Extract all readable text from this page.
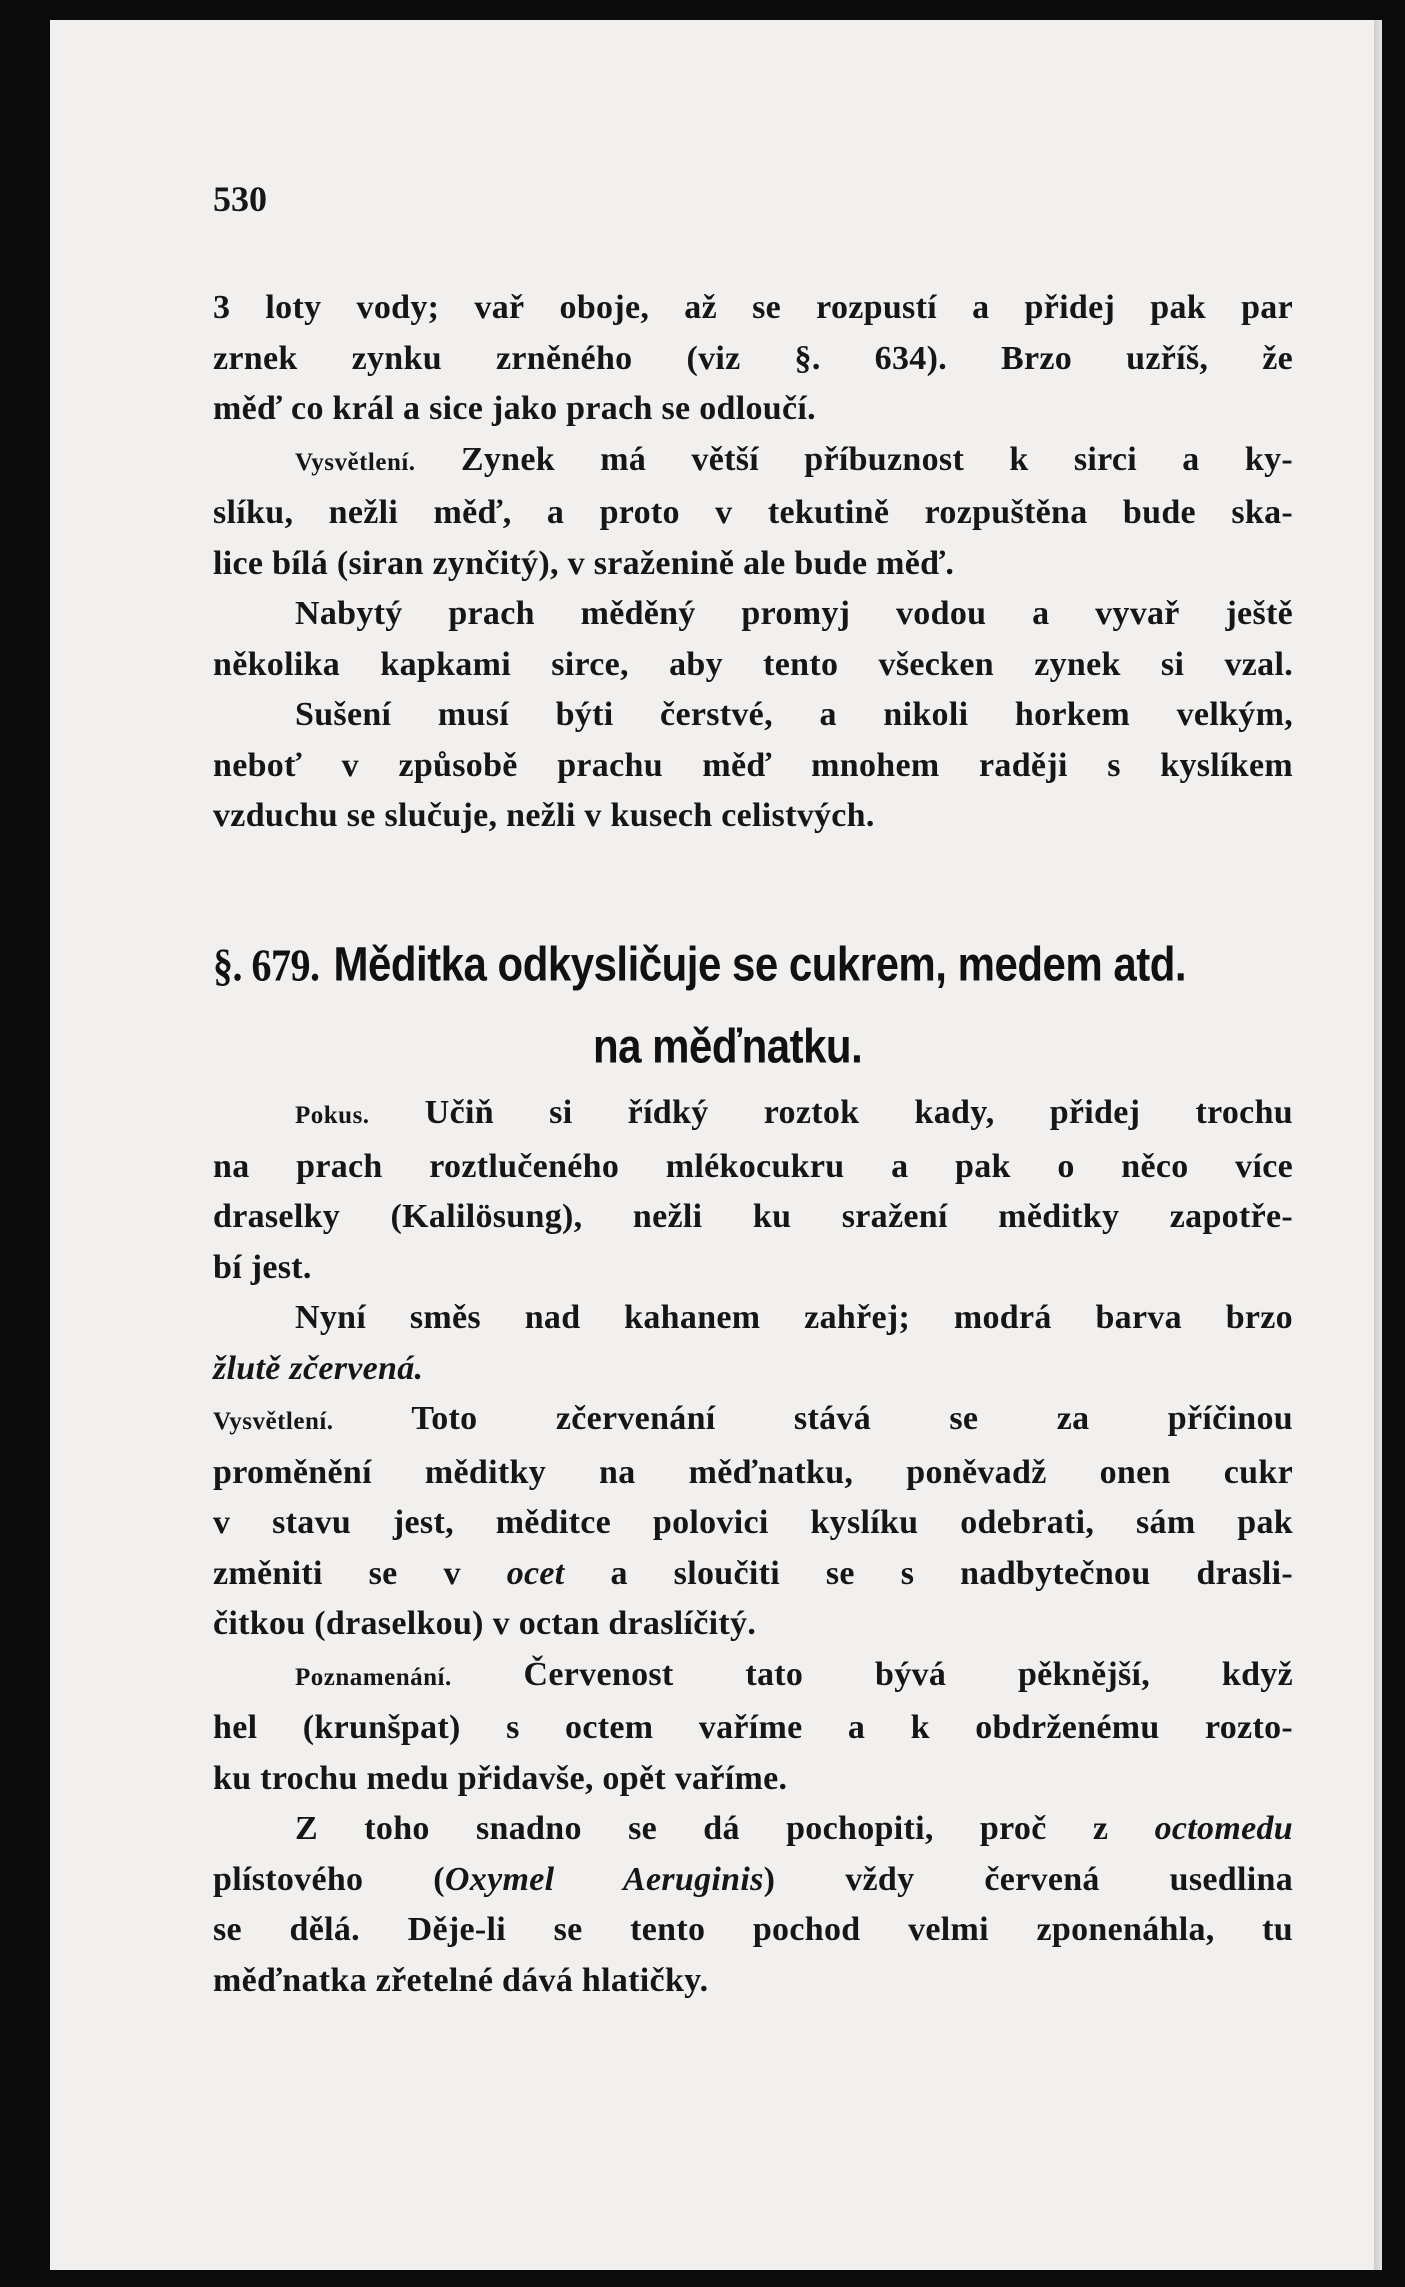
530

3 loty vody; vař oboje, až se rozpustí a přidej pak par
zrnek zynku zrněného (viz §. 634). Brzo uzříš, že
měď co král a sice jako prach se odloučí.

Vysvětlení. Zynek má větší příbuznost k sirci a ky-
slíku, nežli měď, a proto v tekutině rozpuštěna bude ska-
lice bílá (siran zynčitý), v sraženině ale bude měď.

Nabytý prach měděný promyj vodou a vyvař ještě
několika kapkami sirce, aby tento všecken zynek si vzal.

Sušení musí býti čerstvé, a nikoli horkem velkým,
neboť v způsobě prachu měď mnohem raději s kyslíkem
vzduchu se slučuje, nežli v kusech celistvých.

§. 679. Měditka odkysličuje se cukrem, medem atd.
na měďnatku.

Pokus. Učiň si řídký roztok kady, přidej trochu
na prach roztlučeného mlékocukru a pak o něco více
draselky (Kalilösung), nežli ku sražení měditky zapotře-
bí jest.

Nyní směs nad kahanem zahřej; modrá barva brzo
žlutě zčervená.

Vysvětlení. Toto zčervenání stává se za příčinou
proměnění měditky na měďnatku, poněvadž onen cukr
v stavu jest, měditce polovici kyslíku odebrati, sám pak
změniti se v ocet a sloučiti se s nadbytečnou drasli-
čitkou (draselkou) v octan draslíčitý.

Poznamenání. Červenost tato bývá pěknější, když
hel (krunšpat) s octem vaříme a k obdrženému rozto-
ku trochu medu přidavše, opět vaříme.

Z toho snadno se dá pochopiti, proč z octomedu
plístového (Oxymel Aeruginis) vždy červená usedlina
se dělá. Děje-li se tento pochod velmi zponenáhla, tu
měďnatka zřetelné dává hlatičky.
